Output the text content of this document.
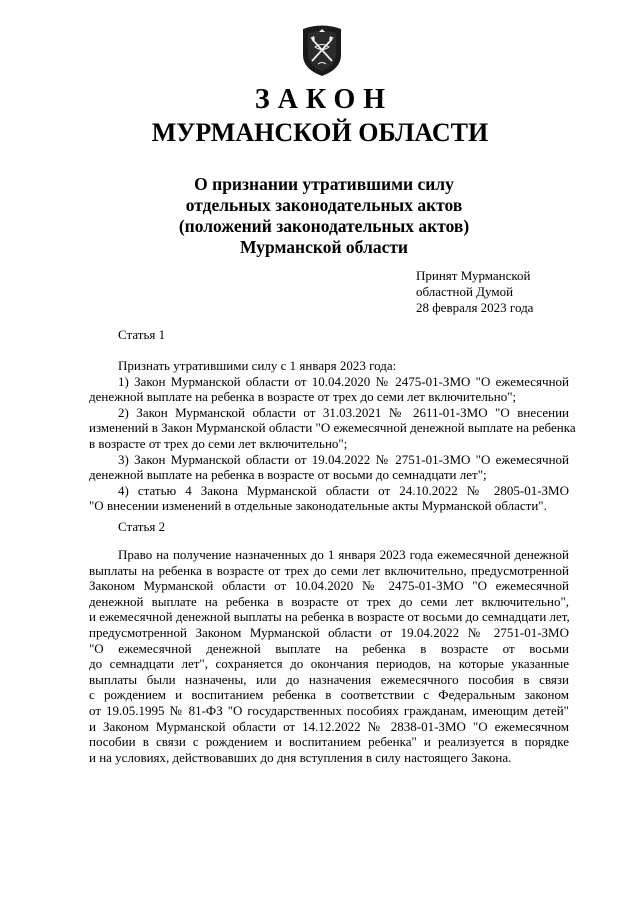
ЗАКОН
МУРМАНСКОЙ ОБЛАСТИ
О признании утратившими силу
отдельных законодательных актов
(положений законодательных актов)
Мурманской области
Принят Мурманской
областной Думой
28 февраля 2023 года
Статья 1
Признать утратившими силу с 1 января 2023 года:
1) Закон Мурманской области от 10.04.2020 № 2475-01-ЗМО "О ежемесячной
денежной выплате на ребенка в возрасте от трех до семи лет включительно";
2) Закон Мурманской области от 31.03.2021 № 2611-01-ЗМО "О внесении
изменений в Закон Мурманской области "О ежемесячной денежной выплате на ребенка
в возрасте от трех до семи лет включительно";
3) Закон Мурманской области от 19.04.2022 № 2751-01-ЗМО "О ежемесячной
денежной выплате на ребенка в возрасте от восьми до семнадцати лет";
4) статью 4 Закона Мурманской области от 24.10.2022 № 2805-01-ЗМО
"О внесении изменений в отдельные законодательные акты Мурманской области".
Статья 2
Право на получение назначенных до 1 января 2023 года ежемесячной денежной
выплаты на ребенка в возрасте от трех до семи лет включительно, предусмотренной
Законом Мурманской области от 10.04.2020 № 2475-01-ЗМО "О ежемесячной
денежной выплате на ребенка в возрасте от трех до семи лет включительно",
и ежемесячной денежной выплаты на ребенка в возрасте от восьми до семнадцати лет,
предусмотренной Законом Мурманской области от 19.04.2022 № 2751-01-ЗМО
"О ежемесячной денежной выплате на ребенка в возрасте от восьми
до семнадцати лет", сохраняется до окончания периодов, на которые указанные
выплаты были назначены, или до назначения ежемесячного пособия в связи
с рождением и воспитанием ребенка в соответствии с Федеральным законом
от 19.05.1995 № 81-ФЗ "О государственных пособиях гражданам, имеющим детей"
и Законом Мурманской области от 14.12.2022 № 2838-01-ЗМО "О ежемесячном
пособии в связи с рождением и воспитанием ребенка" и реализуется в порядке
и на условиях, действовавших до дня вступления в силу настоящего Закона.
